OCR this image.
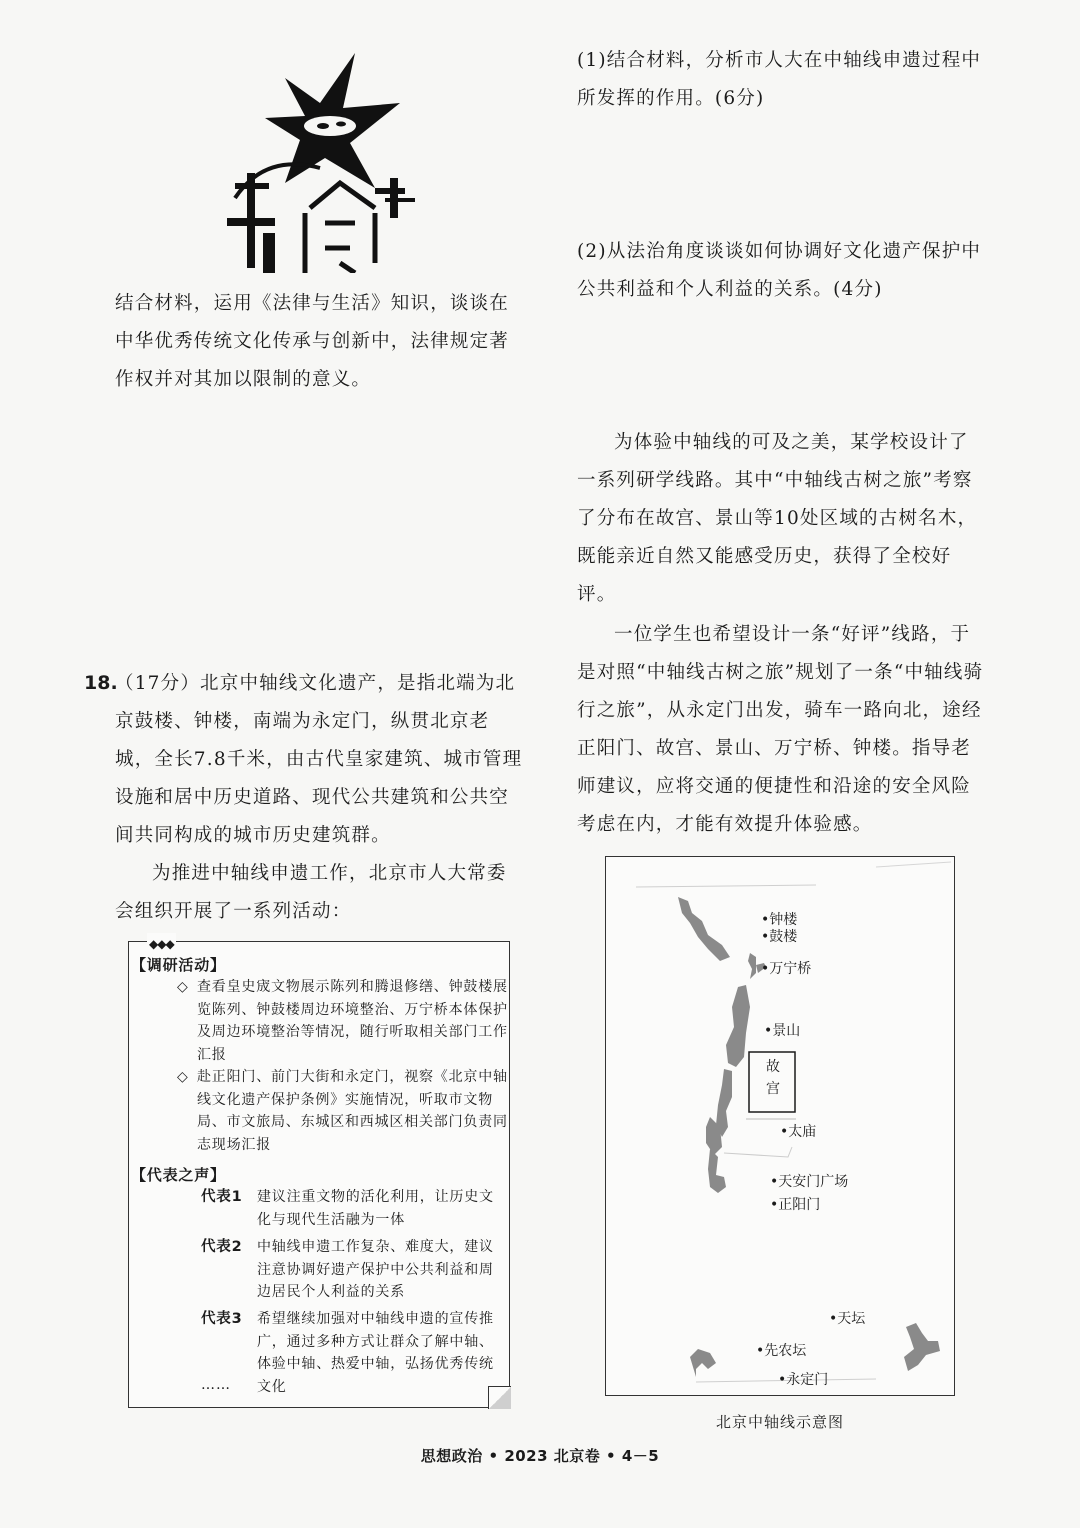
结合材料，运用《法律与生活》知识，谈谈在中华优秀传统文化传承与创新中，法律规定著作权并对其加以限制的意义。

18.
（17分）北京中轴线文化遗产，是指北端为北京鼓楼、钟楼，南端为永定门，纵贯北京老城，全长7.8千米，由古代皇家建筑、城市管理设施和居中历史道路、现代公共建筑和公共空间共同构成的城市历史建筑群。

为推进中轴线申遗工作，北京市人大常委会组织开展了一系列活动：

◆◆◆
【调研活动】
◇ 查看皇史宬文物展示陈列和腾退修缮、钟鼓楼展览陈列、钟鼓楼周边环境整治、万宁桥本体保护及周边环境整治等情况，随行听取相关部门工作汇报
◇ 赴正阳门、前门大街和永定门，视察《北京中轴线文化遗产保护条例》实施情况，听取市文物局、市文旅局、东城区和西城区相关部门负责同志现场汇报
【代表之声】
代表1	建议注重文物的活化利用，让历史文化与现代生活融为一体
代表2	中轴线申遗工作复杂、难度大，建议注意协调好遗产保护中公共利益和周边居民个人利益的关系
代表3	希望继续加强对中轴线申遗的宣传推广，通过多种方式让群众了解中轴、体验中轴、热爱中轴，弘扬优秀传统文化
……

(1)结合材料，分析市人大在中轴线申遗过程中所发挥的作用。(6分)

(2)从法治角度谈谈如何协调好文化遗产保护中公共利益和个人利益的关系。(4分)

为体验中轴线的可及之美，某学校设计了一系列研学线路。其中“中轴线古树之旅”考察了分布在故宫、景山等10处区域的古树名木，既能亲近自然又能感受历史，获得了全校好评。

一位学生也希望设计一条“好评”线路，于是对照“中轴线古树之旅”规划了一条“中轴线骑行之旅”，从永定门出发，骑车一路向北，途经正阳门、故宫、景山、万宁桥、钟楼。指导老师建议，应将交通的便捷性和沿途的安全风险考虑在内，才能有效提升体验感。

•钟楼
•鼓楼
•万宁桥
•景山
故
宫
•太庙
•天安门广场
•正阳门
•天坛
•先农坛
•永定门
北京中轴线示意图
思想政治 • 2023 北京卷 • 4－5
